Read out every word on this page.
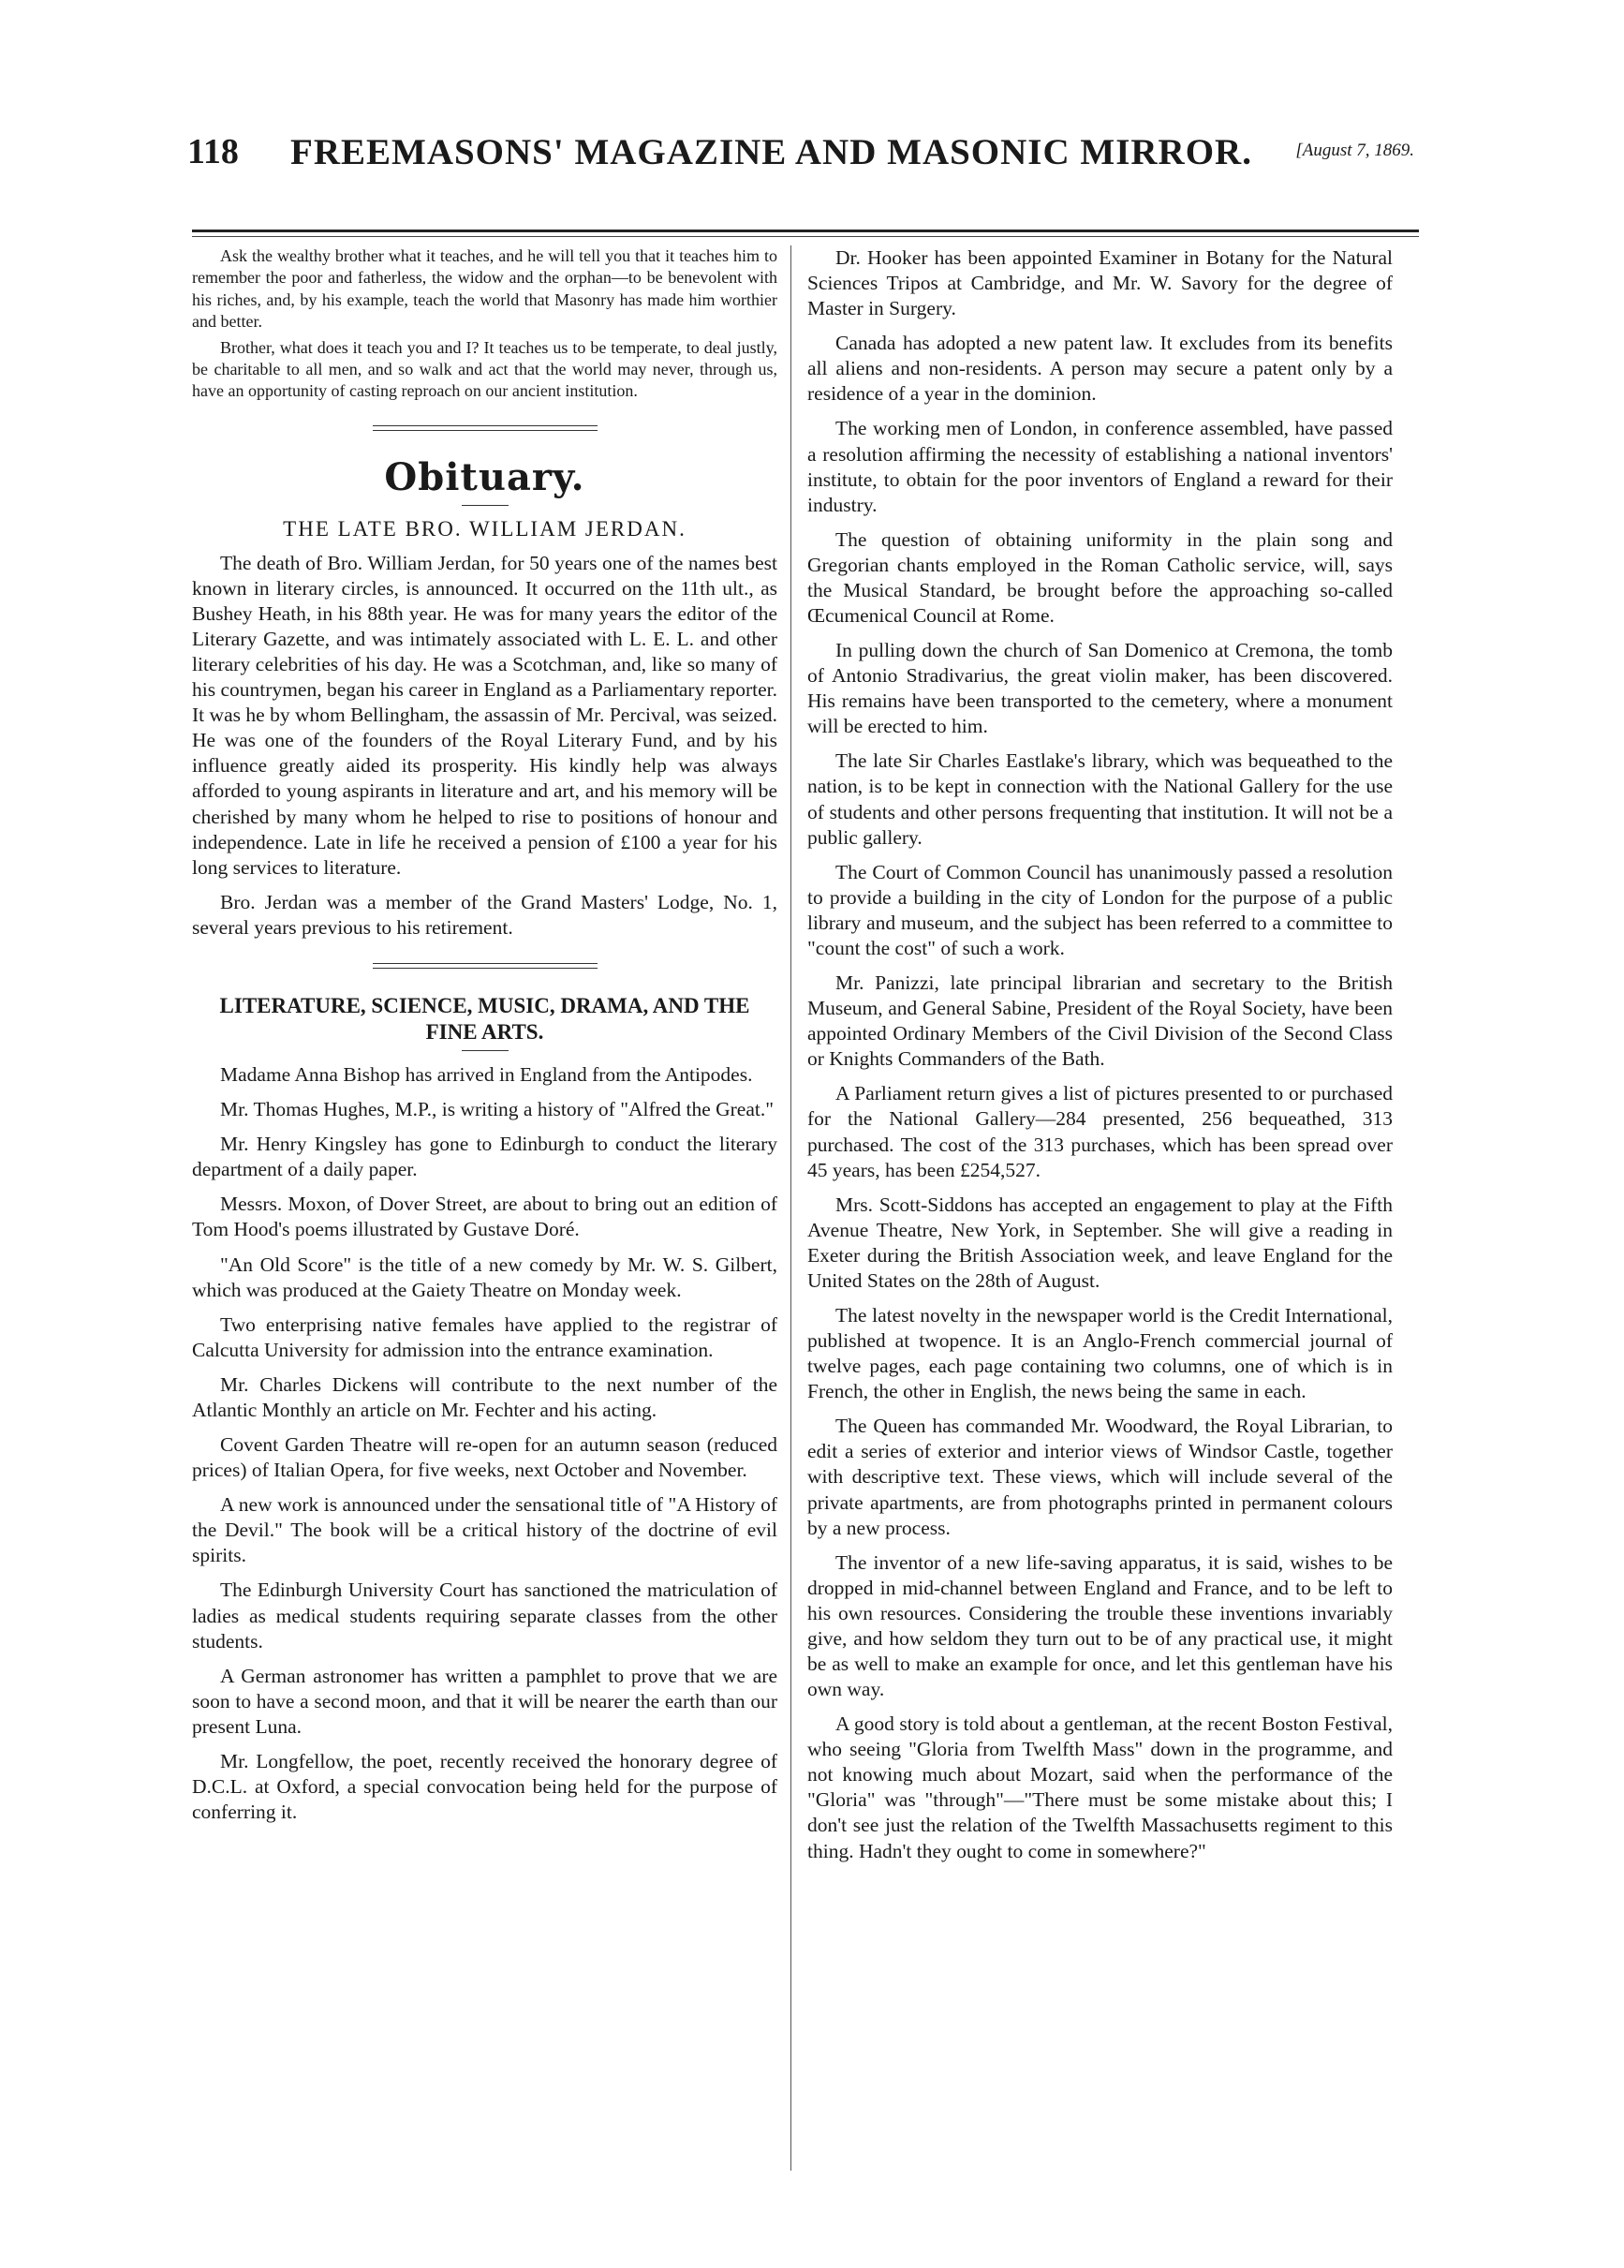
118 FREEMASONS' MAGAZINE AND MASONIC MIRROR. [August 7, 1869.

Ask the wealthy brother what it teaches, and he will tell you that it teaches him to remember the poor and fatherless, the widow and the orphan—to be benevolent with his riches, and, by his example, teach the world that Masonry has made him worthier and better.

Brother, what does it teach you and I? It teaches us to be temperate, to deal justly, be charitable to all men, and so walk and act that the world may never, through us, have an opportunity of casting reproach on our ancient institution.

Obituary.
THE LATE BRO. WILLIAM JERDAN.

The death of Bro. William Jerdan, for 50 years one of the names best known in literary circles, is announced. It occurred on the 11th ult., as Bushey Heath, in his 88th year. He was for many years the editor of the Literary Gazette, and was intimately associated with L. E. L. and other literary celebrities of his day. He was a Scotchman, and, like so many of his countrymen, began his career in England as a Parliamentary reporter. It was he by whom Bellingham, the assassin of Mr. Percival, was seized. He was one of the founders of the Royal Literary Fund, and by his influence greatly aided its prosperity. His kindly help was always afforded to young aspirants in literature and art, and his memory will be cherished by many whom he helped to rise to positions of honour and independence. Late in life he received a pension of £100 a year for his long services to literature.

Bro. Jerdan was a member of the Grand Masters' Lodge, No. 1, several years previous to his retirement.

LITERATURE, SCIENCE, MUSIC, DRAMA, AND THE FINE ARTS.

Madame Anna Bishop has arrived in England from the Antipodes.

Mr. Thomas Hughes, M.P., is writing a history of "Alfred the Great."

Mr. Henry Kingsley has gone to Edinburgh to conduct the literary department of a daily paper.

Messrs. Moxon, of Dover Street, are about to bring out an edition of Tom Hood's poems illustrated by Gustave Doré.

"An Old Score" is the title of a new comedy by Mr. W. S. Gilbert, which was produced at the Gaiety Theatre on Monday week.

Two enterprising native females have applied to the registrar of Calcutta University for admission into the entrance examination.

Mr. Charles Dickens will contribute to the next number of the Atlantic Monthly an article on Mr. Fechter and his acting.

Covent Garden Theatre will re-open for an autumn season (reduced prices) of Italian Opera, for five weeks, next October and November.

A new work is announced under the sensational title of "A History of the Devil." The book will be a critical history of the doctrine of evil spirits.

The Edinburgh University Court has sanctioned the matriculation of ladies as medical students requiring separate classes from the other students.

A German astronomer has written a pamphlet to prove that we are soon to have a second moon, and that it will be nearer the earth than our present Luna.

Mr. Longfellow, the poet, recently received the honorary degree of D.C.L. at Oxford, a special convocation being held for the purpose of conferring it.

Dr. Hooker has been appointed Examiner in Botany for the Natural Sciences Tripos at Cambridge, and Mr. W. Savory for the degree of Master in Surgery.

Canada has adopted a new patent law. It excludes from its benefits all aliens and non-residents. A person may secure a patent only by a residence of a year in the dominion.

The working men of London, in conference assembled, have passed a resolution affirming the necessity of establishing a national inventors' institute, to obtain for the poor inventors of England a reward for their industry.

The question of obtaining uniformity in the plain song and Gregorian chants employed in the Roman Catholic service, will, says the Musical Standard, be brought before the approaching so-called Œcumenical Council at Rome.

In pulling down the church of San Domenico at Cremona, the tomb of Antonio Stradivarius, the great violin maker, has been discovered. His remains have been transported to the cemetery, where a monument will be erected to him.

The late Sir Charles Eastlake's library, which was bequeathed to the nation, is to be kept in connection with the National Gallery for the use of students and other persons frequenting that institution. It will not be a public gallery.

The Court of Common Council has unanimously passed a resolution to provide a building in the city of London for the purpose of a public library and museum, and the subject has been referred to a committee to "count the cost" of such a work.

Mr. Panizzi, late principal librarian and secretary to the British Museum, and General Sabine, President of the Royal Society, have been appointed Ordinary Members of the Civil Division of the Second Class or Knights Commanders of the Bath.

A Parliament return gives a list of pictures presented to or purchased for the National Gallery—284 presented, 256 bequeathed, 313 purchased. The cost of the 313 purchases, which has been spread over 45 years, has been £254,527.

Mrs. Scott-Siddons has accepted an engagement to play at the Fifth Avenue Theatre, New York, in September. She will give a reading in Exeter during the British Association week, and leave England for the United States on the 28th of August.

The latest novelty in the newspaper world is the Credit International, published at twopence. It is an Anglo-French commercial journal of twelve pages, each page containing two columns, one of which is in French, the other in English, the news being the same in each.

The Queen has commanded Mr. Woodward, the Royal Librarian, to edit a series of exterior and interior views of Windsor Castle, together with descriptive text. These views, which will include several of the private apartments, are from photographs printed in permanent colours by a new process.

The inventor of a new life-saving apparatus, it is said, wishes to be dropped in mid-channel between England and France, and to be left to his own resources. Considering the trouble these inventions invariably give, and how seldom they turn out to be of any practical use, it might be as well to make an example for once, and let this gentleman have his own way.

A good story is told about a gentleman, at the recent Boston Festival, who seeing "Gloria from Twelfth Mass" down in the programme, and not knowing much about Mozart, said when the performance of the "Gloria" was "through"—"There must be some mistake about this; I don't see just the relation of the Twelfth Massachusetts regiment to this thing. Hadn't they ought to come in somewhere?"
